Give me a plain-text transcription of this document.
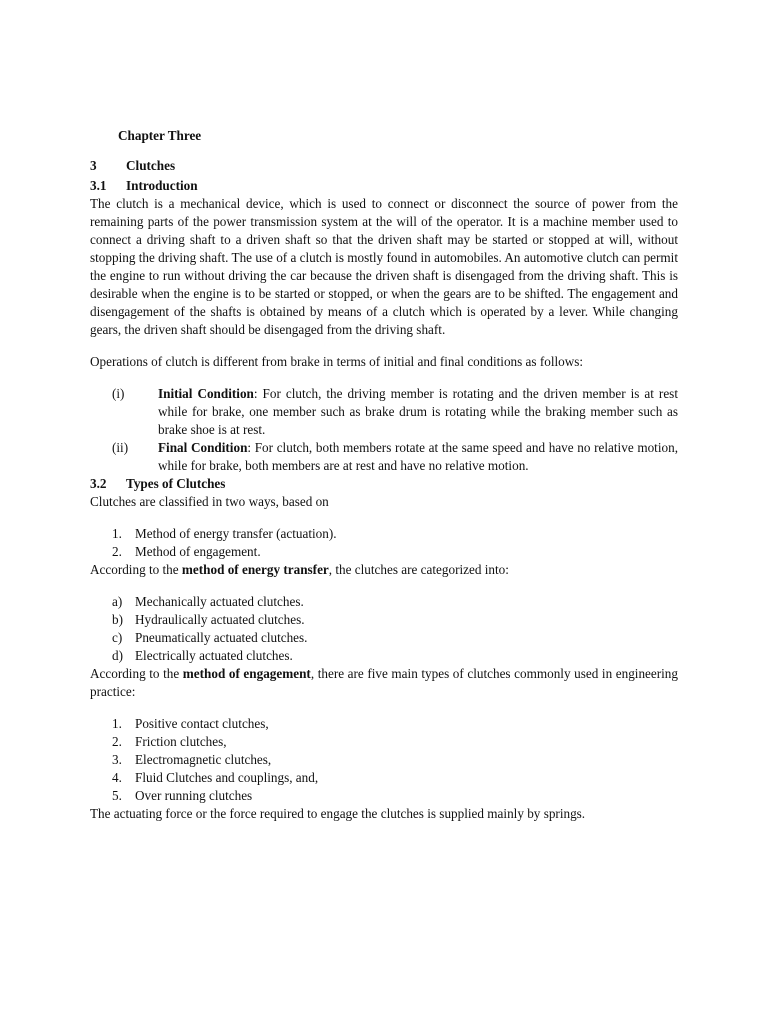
Chapter Three
3 Clutches
3.1 Introduction

The clutch is a mechanical device, which is used to connect or disconnect the source of power from the remaining parts of the power transmission system at the will of the operator. It is a machine member used to connect a driving shaft to a driven shaft so that the driven shaft may be started or stopped at will, without stopping the driving shaft. The use of a clutch is mostly found in automobiles. An automotive clutch can permit the engine to run without driving the car because the driven shaft is disengaged from the driving shaft. This is desirable when the engine is to be started or stopped, or when the gears are to be shifted. The engagement and disengagement of the shafts is obtained by means of a clutch which is operated by a lever. While changing gears, the driven shaft should be disengaged from the driving shaft.

Operations of clutch is different from brake in terms of initial and final conditions as follows:

(i)	Initial Condition: For clutch, the driving member is rotating and the driven member is at rest while for brake, one member such as brake drum is rotating while the braking member such as brake shoe is at rest.
(ii) Final Condition: For clutch, both members rotate at the same speed and have no relative motion, while for brake, both members are at rest and have no relative motion.
3.2 Types of Clutches

Clutches are classified in two ways, based on

1. Method of energy transfer (actuation).
2. Method of engagement.

According to the method of energy transfer, the clutches are categorized into:

a) Mechanically actuated clutches.
b) Hydraulically actuated clutches.
c) Pneumatically actuated clutches.
d) Electrically actuated clutches.

According to the method of engagement, there are five main types of clutches commonly used in engineering practice:

1. Positive contact clutches,
2. Friction clutches,
3. Electromagnetic clutches,
4. Fluid Clutches and couplings, and,
5. Over running clutches

The actuating force or the force required to engage the clutches is supplied mainly by springs.
